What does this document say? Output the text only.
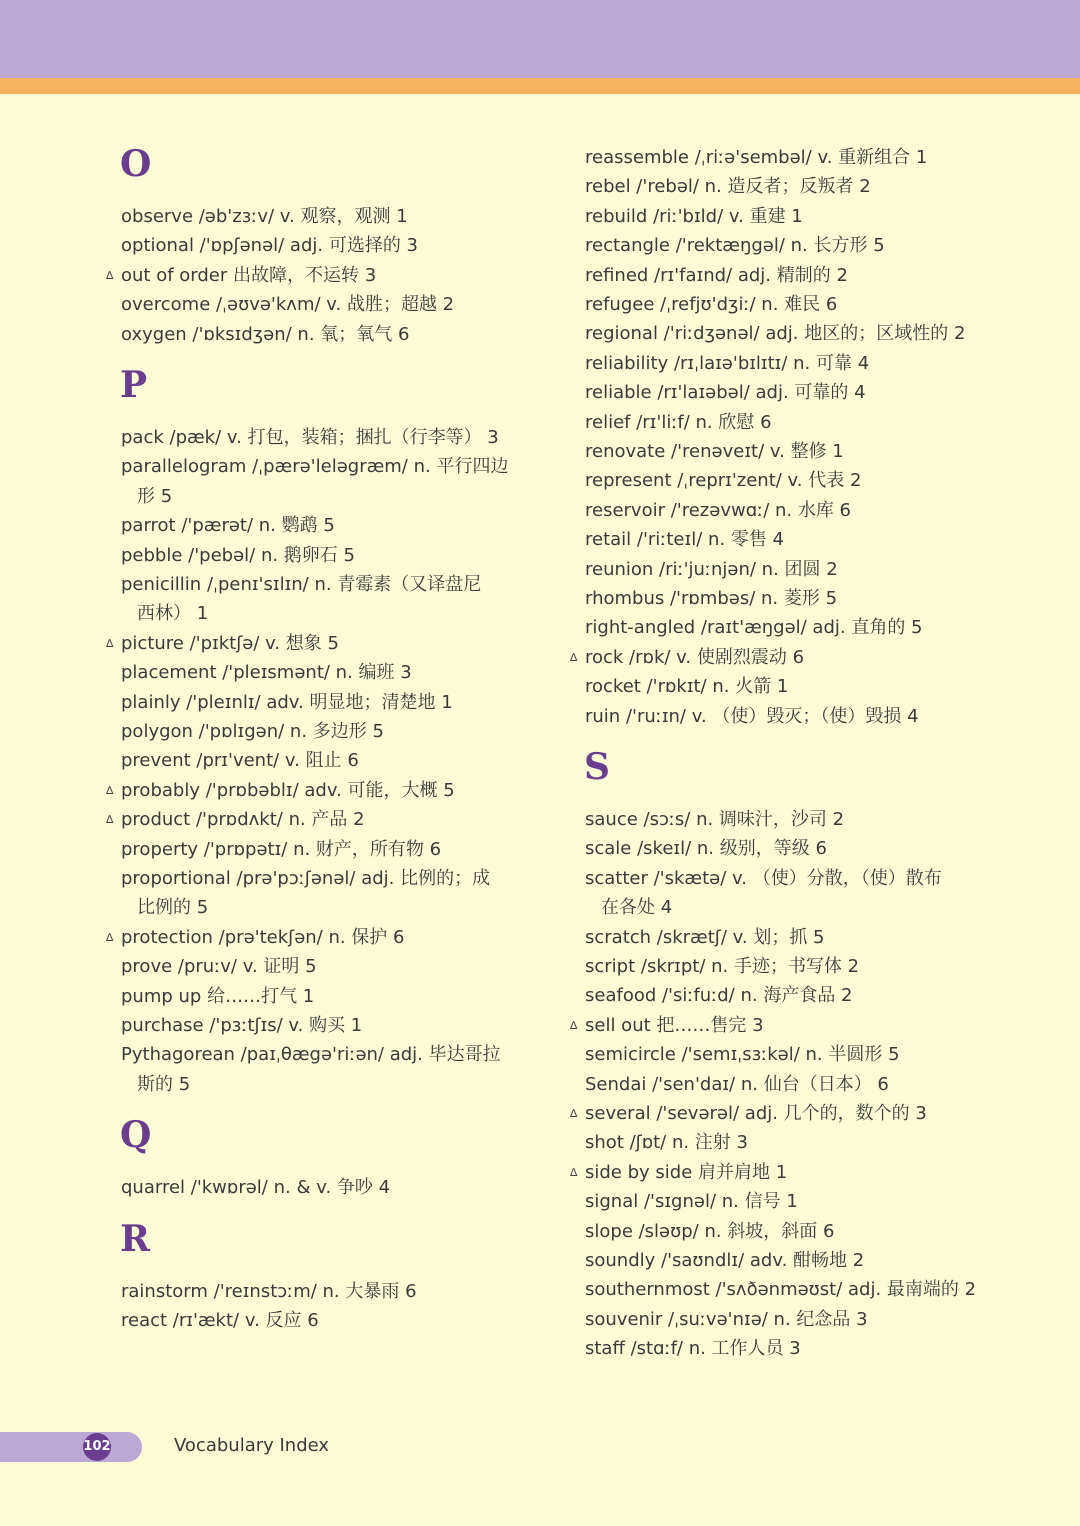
O
observe /əb'zɜːv/ v. 观察，观测 1
optional /'ɒpʃənəl/ adj. 可选择的 3
∆ out of order 出故障，不运转 3
overcome /ˌəʊvə'kʌm/ v. 战胜；超越 2
oxygen /'ɒksɪdʒən/ n. 氧；氧气 6
P
pack /pæk/ v. 打包，装箱；捆扎（行李等） 3
parallelogram /ˌpærə'leləgræm/ n. 平行四边
形 5
parrot /'pærət/ n. 鹦鹉 5
pebble /'pebəl/ n. 鹅卵石 5
penicillin /ˌpenɪ'sɪlɪn/ n. 青霉素（又译盘尼
西林） 1
∆ picture /'pɪktʃə/ v. 想象 5
placement /'pleɪsmənt/ n. 编班 3
plainly /'pleɪnlɪ/ adv. 明显地；清楚地 1
polygon /'pɒlɪgən/ n. 多边形 5
prevent /prɪ'vent/ v. 阻止 6
∆ probably /'prɒbəblɪ/ adv. 可能，大概 5
∆ product /'prɒdʌkt/ n. 产品 2
property /'prɒpətɪ/ n. 财产，所有物 6
proportional /prə'pɔːʃənəl/ adj. 比例的；成
比例的 5
∆ protection /prə'tekʃən/ n. 保护 6
prove /pruːv/ v. 证明 5
pump up 给……打气 1
purchase /'pɜːtʃɪs/ v. 购买 1
Pythagorean /paɪˌθægə'riːən/ adj. 毕达哥拉
斯的 5
Q
quarrel /'kwɒrəl/ n. & v. 争吵 4
R
rainstorm /'reɪnstɔːm/ n. 大暴雨 6
react /rɪ'ækt/ v. 反应 6
reassemble /ˌriːə'sembəl/ v. 重新组合 1
rebel /'rebəl/ n. 造反者；反叛者 2
rebuild /riː'bɪld/ v. 重建 1
rectangle /'rektæŋgəl/ n. 长方形 5
refined /rɪ'faɪnd/ adj. 精制的 2
refugee /ˌrefjʊ'dʒiː/ n. 难民 6
regional /'riːdʒənəl/ adj. 地区的；区域性的 2
reliability /rɪˌlaɪə'bɪlɪtɪ/ n. 可靠 4
reliable /rɪ'laɪəbəl/ adj. 可靠的 4
relief /rɪ'liːf/ n. 欣慰 6
renovate /'renəveɪt/ v. 整修 1
represent /ˌreprɪ'zent/ v. 代表 2
reservoir /'rezəvwɑː/ n. 水库 6
retail /'riːteɪl/ n. 零售 4
reunion /riː'juːnjən/ n. 团圆 2
rhombus /'rɒmbəs/ n. 菱形 5
right-angled /raɪt'æŋgəl/ adj. 直角的 5
∆ rock /rɒk/ v. 使剧烈震动 6
rocket /'rɒkɪt/ n. 火箭 1
ruin /'ruːɪn/ v. （使）毁灭；（使）毁损 4
S
sauce /sɔːs/ n. 调味汁，沙司 2
scale /skeɪl/ n. 级别，等级 6
scatter /'skætə/ v. （使）分散，（使）散布
在各处 4
scratch /skrætʃ/ v. 划；抓 5
script /skrɪpt/ n. 手迹；书写体 2
seafood /'siːfuːd/ n. 海产食品 2
∆ sell out 把……售完 3
semicircle /'semɪˌsɜːkəl/ n. 半圆形 5
Sendai /'sen'daɪ/ n. 仙台（日本） 6
∆ several /'sevərəl/ adj. 几个的，数个的 3
shot /ʃɒt/ n. 注射 3
∆ side by side 肩并肩地 1
signal /'sɪgnəl/ n. 信号 1
slope /sləʊp/ n. 斜坡，斜面 6
soundly /'saʊndlɪ/ adv. 酣畅地 2
southernmost /'sʌðənməʊst/ adj. 最南端的 2
souvenir /ˌsuːvə'nɪə/ n. 纪念品 3
staff /stɑːf/ n. 工作人员 3
102	Vocabulary Index
